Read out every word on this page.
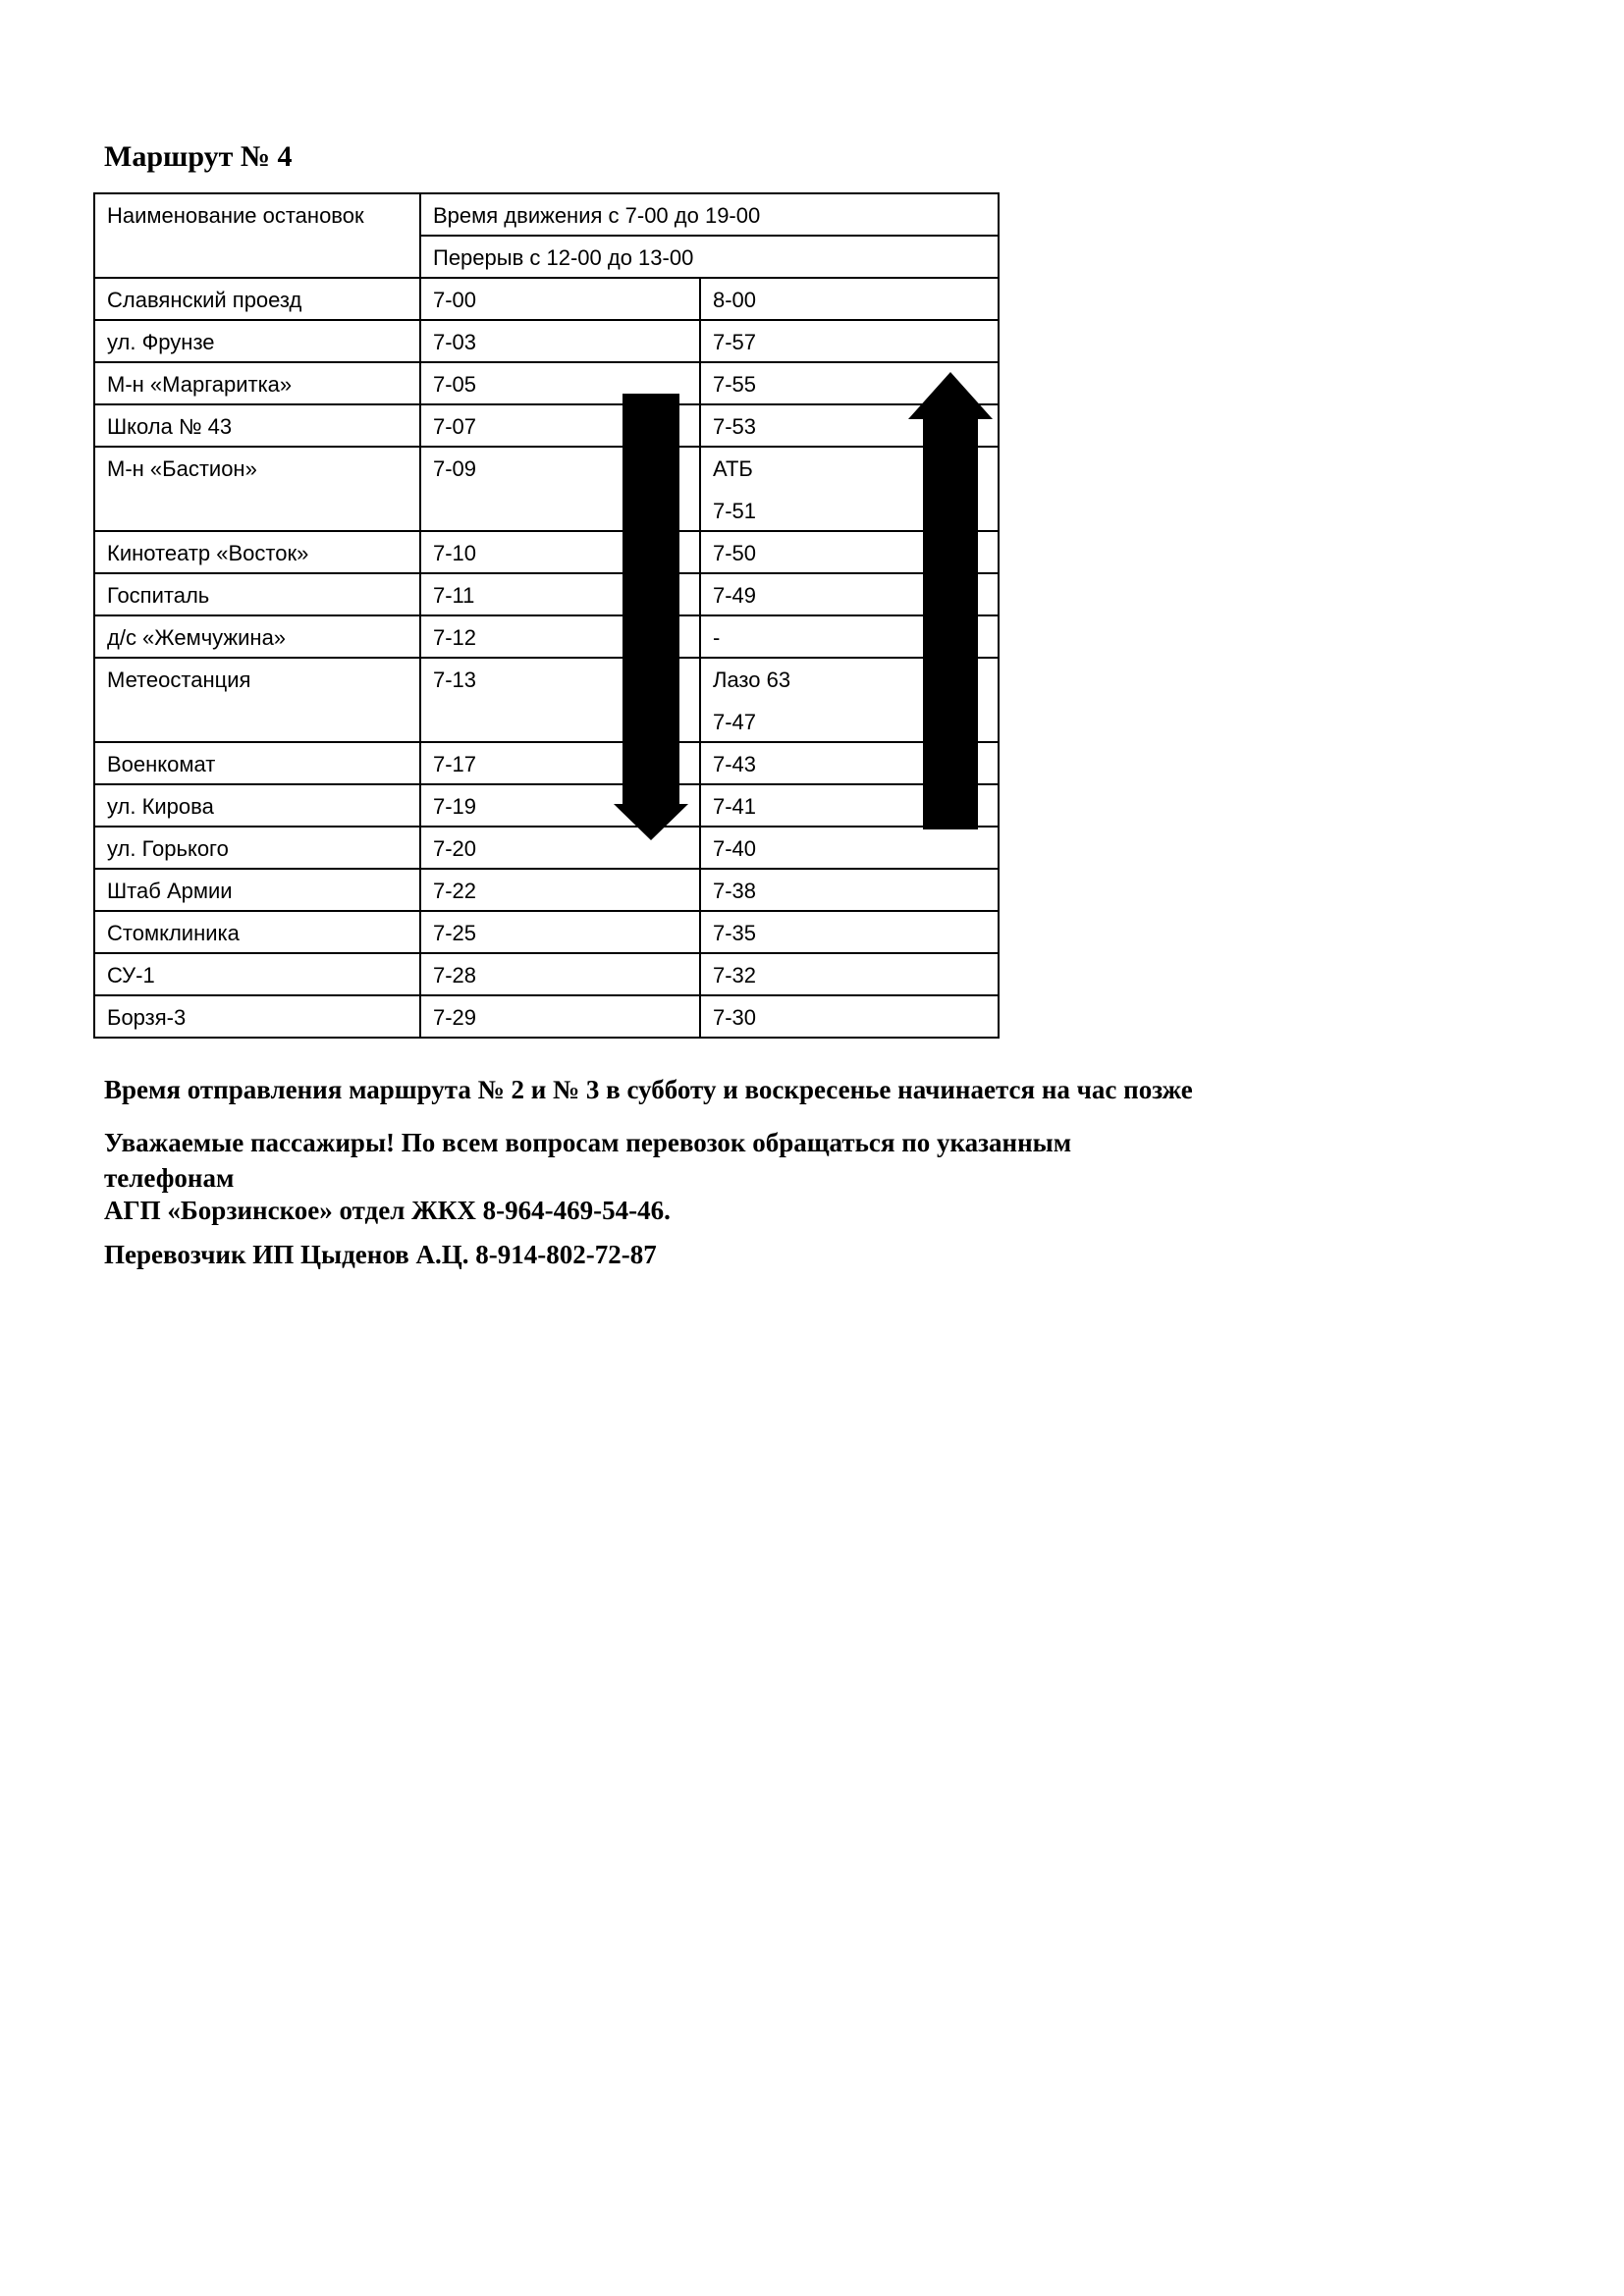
Маршрут № 4
Наименование остановок	Время движения с 7-00 до 19-00	
	Перерыв с 12-00 до 13-00	
Славянский проезд	7-00	8-00

ул. Фрунзе	7-03	7-57

М-н «Маргаритка»	7-05	7-55

Школа № 43	7-07	7-53

М-н «Бастион»	7-09	АТБ
7-51

Кинотеатр «Восток»	7-10	7-50

Госпиталь	7-11	7-49

д/с «Жемчужина»	7-12	-

Метеостанция	7-13	Лазо 63
7-47

Военкомат	7-17	7-43

ул. Кирова	7-19	7-41

ул. Горького	7-20	7-40

Штаб Армии	7-22	7-38

Стомклиника	7-25	7-35

СУ-1	7-28	7-32

Борзя-3	7-29	7-30

Время отправления маршрута № 2 и № 3 в субботу и воскресенье начинается на час позже

Уважаемые пассажиры! По всем вопросам перевозок обращаться по указанным
телефонам

АГП «Борзинское» отдел ЖКХ 8-964-469-54-46.

Перевозчик ИП Цыденов А.Ц. 8-914-802-72-87
